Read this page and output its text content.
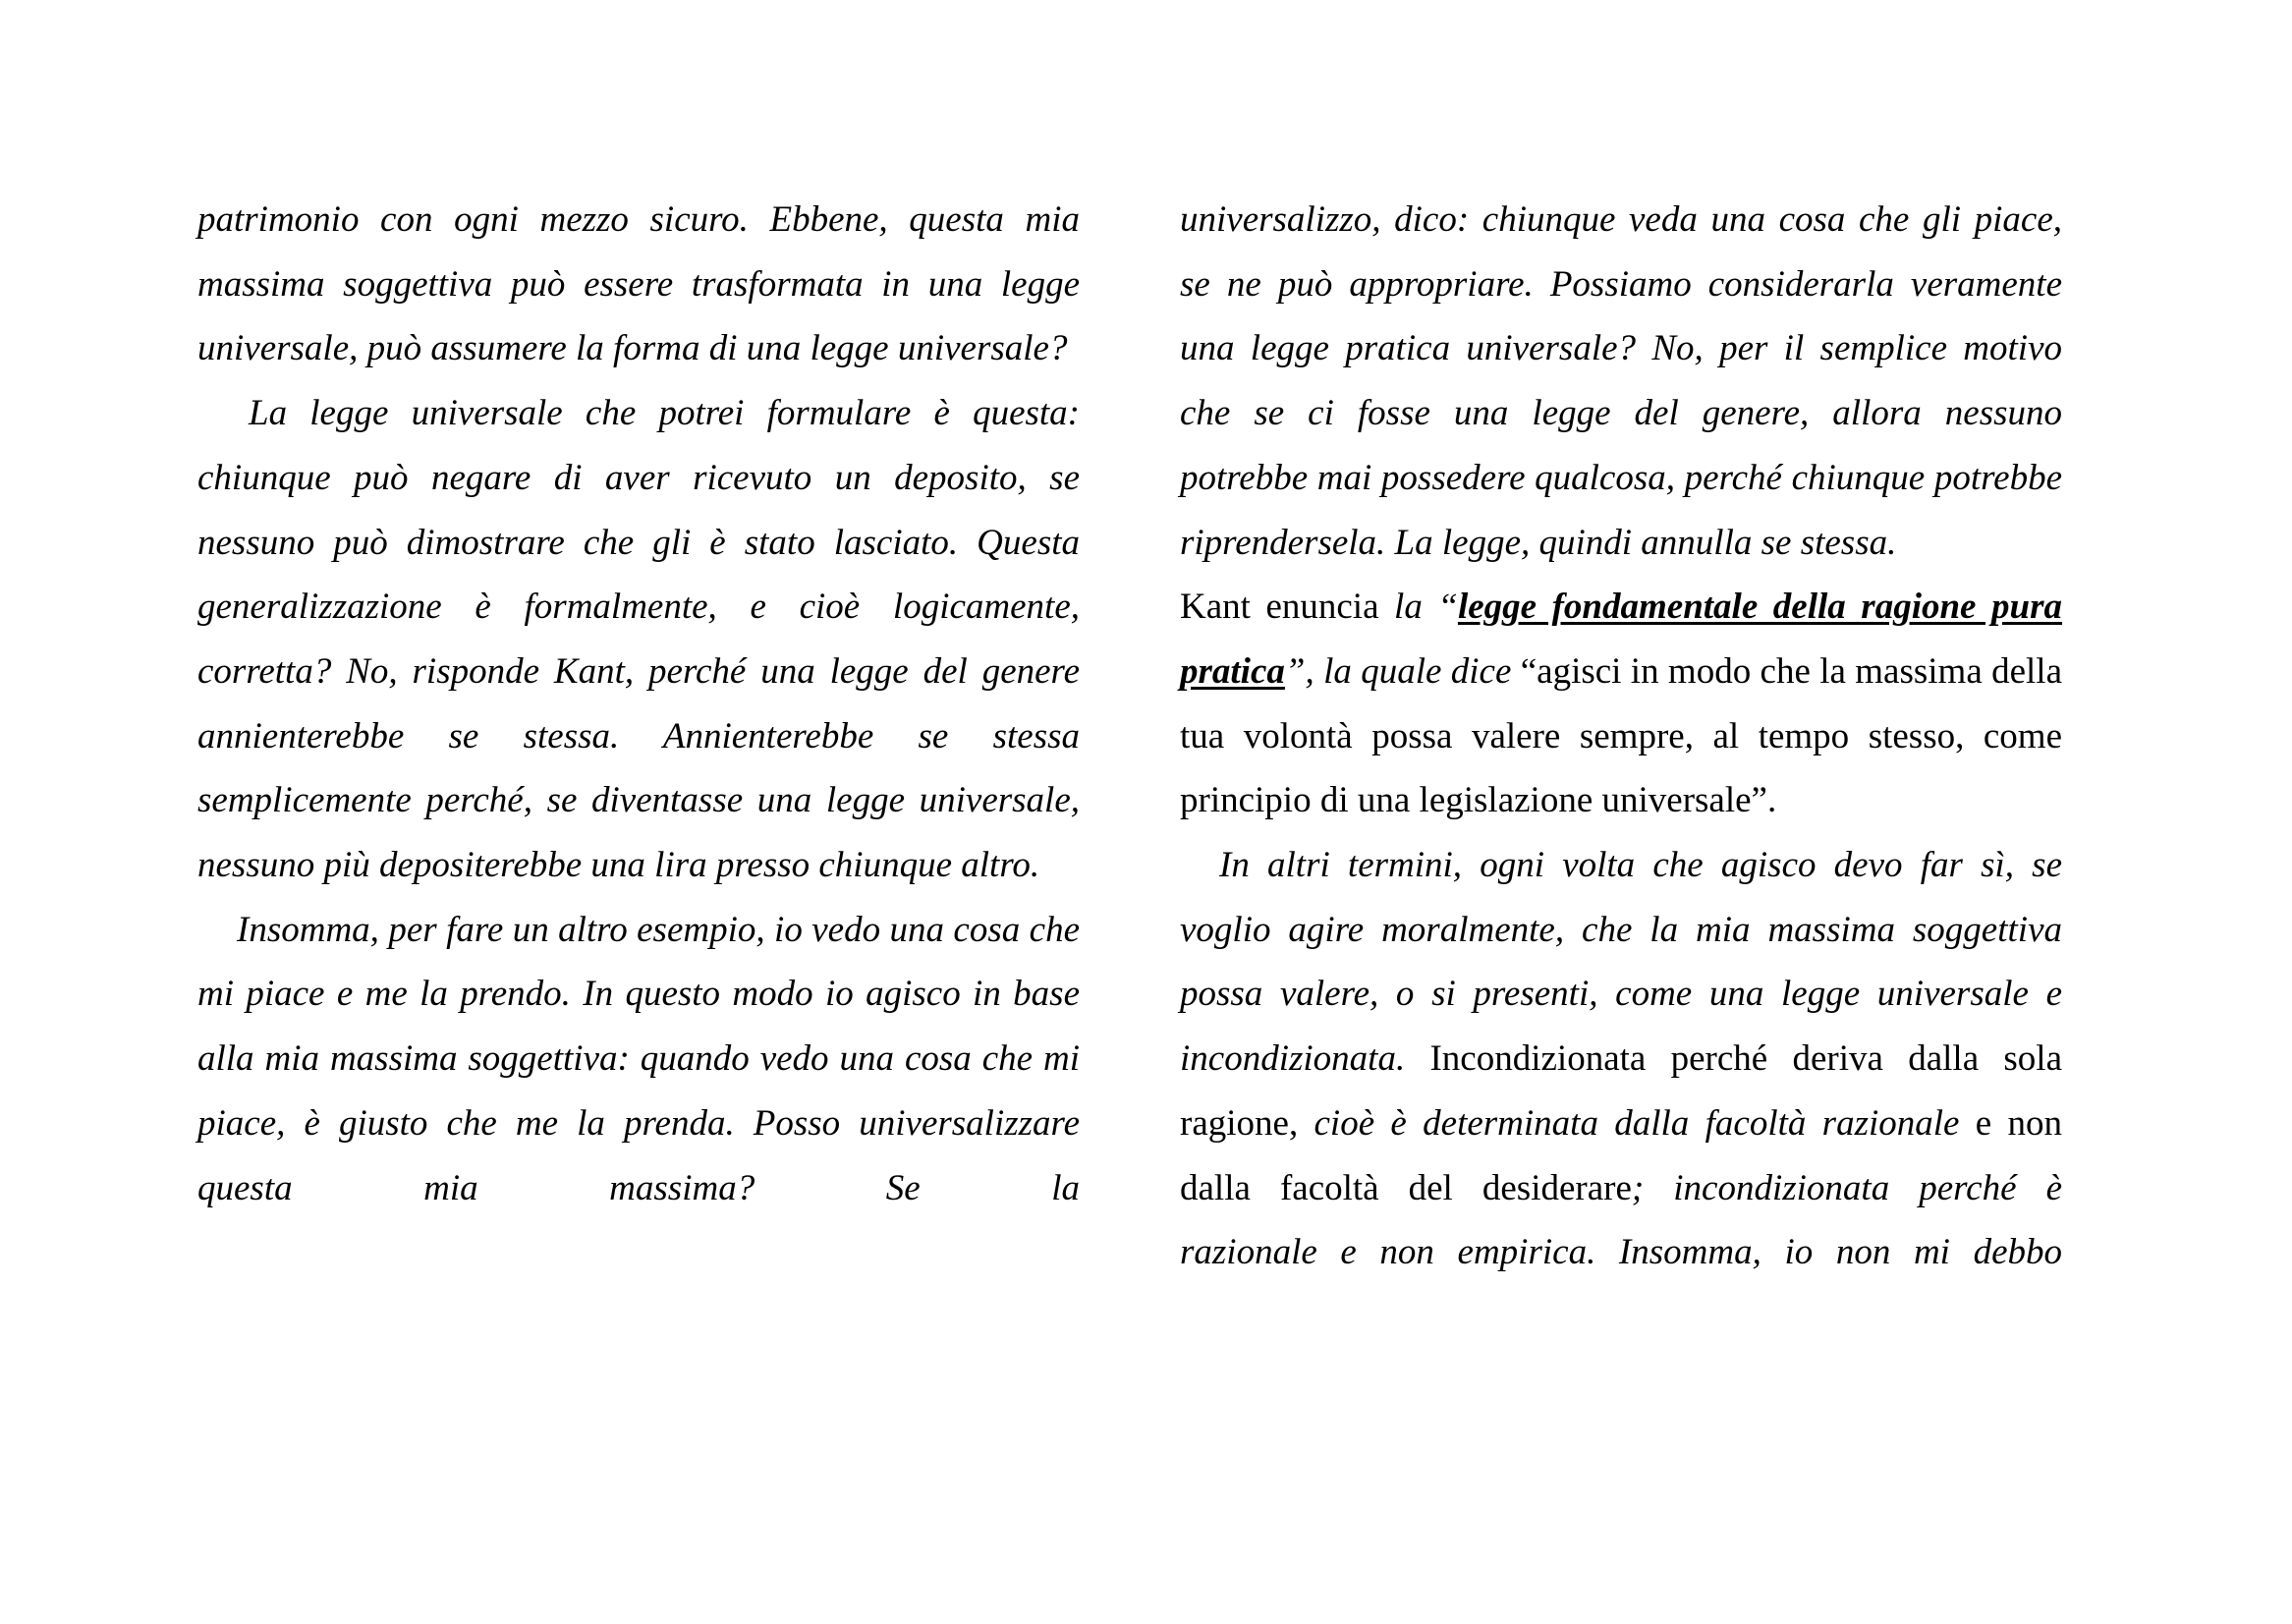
patrimonio con ogni mezzo sicuro. Ebbene, questa mia massima soggettiva può essere trasformata in una legge universale, può assumere la forma di una legge universale?

La legge universale che potrei formulare è questa: chiunque può negare di aver ricevuto un deposito, se nessuno può dimostrare che gli è stato lasciato. Questa generalizzazione è formalmente, e cioè logicamente, corretta? No, risponde Kant, perché una legge del genere annienterebbe se stessa. Annienterebbe se stessa semplicemente perché, se diventasse una legge universale, nessuno più depositerebbe una lira presso chiunque altro.

Insomma, per fare un altro esempio, io vedo una cosa che mi piace e me la prendo. In questo modo io agisco in base alla mia massima soggettiva: quando vedo una cosa che mi piace, è giusto che me la prenda. Posso universalizzare questa mia massima? Se la

universalizzo, dico: chiunque veda una cosa che gli piace, se ne può appropriare. Possiamo considerarla veramente una legge pratica universale? No, per il semplice motivo che se ci fosse una legge del genere, allora nessuno potrebbe mai possedere qualcosa, perché chiunque potrebbe riprendersela. La legge, quindi annulla se stessa.

Kant enuncia la “legge fondamentale della ragione pura pratica”, la quale dice “agisci in modo che la massima della tua volontà possa valere sempre, al tempo stesso, come principio di una legislazione universale”.

In altri termini, ogni volta che agisco devo far sì, se voglio agire moralmente, che la mia massima soggettiva possa valere, o si presenti, come una legge universale e incondizionata. Incondizionata perché deriva dalla sola ragione, cioè è determinata dalla facoltà razionale e non dalla facoltà del desiderare; incondizionata perché è razionale e non empirica. Insomma, io non mi debbo
